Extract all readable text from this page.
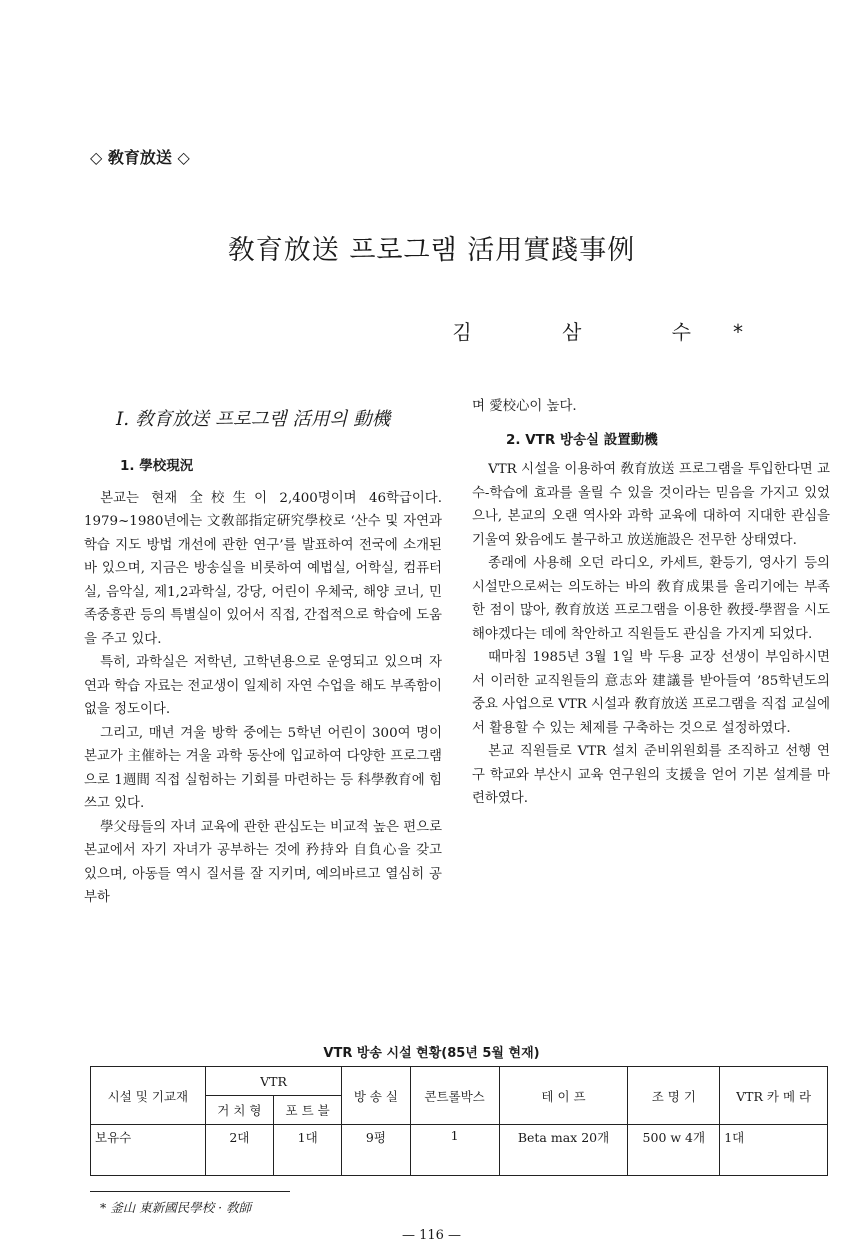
◇ 敎育放送 ◇
敎育放送 프로그램 活用實踐事例
김 삼 수*
Ⅰ. 敎育放送 프로그램 活用의 動機
1. 學校現況

본교는 현재 全校生이 2,400명이며 46학급이다. 1979~1980년에는 文敎部指定硏究學校로 ‘산수 및 자연과 학습 지도 방법 개선에 관한 연구’를 발표하여 전국에 소개된 바 있으며, 지금은 방송실을 비롯하여 예법실, 어학실, 컴퓨터실, 음악실, 제1,2과학실, 강당, 어린이 우체국, 해양 코너, 민족중흥관 등의 특별실이 있어서 직접, 간접적으로 학습에 도움을 주고 있다.

특히, 과학실은 저학년, 고학년용으로 운영되고 있으며 자연과 학습 자료는 전교생이 일제히 자연 수업을 해도 부족함이 없을 정도이다.

그리고, 매년 겨울 방학 중에는 5학년 어린이 300여 명이 본교가 主催하는 겨울 과학 동산에 입교하여 다양한 프로그램으로 1週間 직접 실험하는 기회를 마련하는 등 科學敎育에 힘쓰고 있다.

學父母들의 자녀 교육에 관한 관심도는 비교적 높은 편으로 본교에서 자기 자녀가 공부하는 것에 矜持와 自負心을 갖고 있으며, 아동들 역시 질서를 잘 지키며, 예의바르고 열심히 공부하

며 愛校心이 높다.

2. VTR 방송실 設置動機

VTR 시설을 이용하여 敎育放送 프로그램을 투입한다면 교수-학습에 효과를 올릴 수 있을 것이라는 믿음을 가지고 있었으나, 본교의 오랜 역사와 과학 교육에 대하여 지대한 관심을 기울여 왔음에도 불구하고 放送施設은 전무한 상태였다.

종래에 사용해 오던 라디오, 카세트, 환등기, 영사기 등의 시설만으로써는 의도하는 바의 敎育成果를 올리기에는 부족한 점이 많아, 敎育放送 프로그램을 이용한 敎授-學習을 시도해야겠다는 데에 착안하고 직원들도 관심을 가지게 되었다.

때마침 1985년 3월 1일 박 두용 교장 선생이 부임하시면서 이러한 교직원들의 意志와 建議를 받아들여 ’85학년도의 중요 사업으로 VTR 시설과 敎育放送 프로그램을 직접 교실에서 활용할 수 있는 체제를 구축하는 것으로 설정하였다.

본교 직원들로 VTR 설치 준비위원회를 조직하고 선행 연구 학교와 부산시 교육 연구원의 支援을 얻어 기본 설계를 마련하였다.

VTR 방송 시설 현황(85년 5월 현재)
시설 및 기교재	VTR		방 송 실	콘트롤박스	테 이 프	조 명 기	VTR 카 메 라
	거 치 형	포 트 블					
보유수	2대	1대	9평	1	Beta max 20개	500 w 4개	1대
* 釜山 東新國民學校 · 敎師
— 116 —
